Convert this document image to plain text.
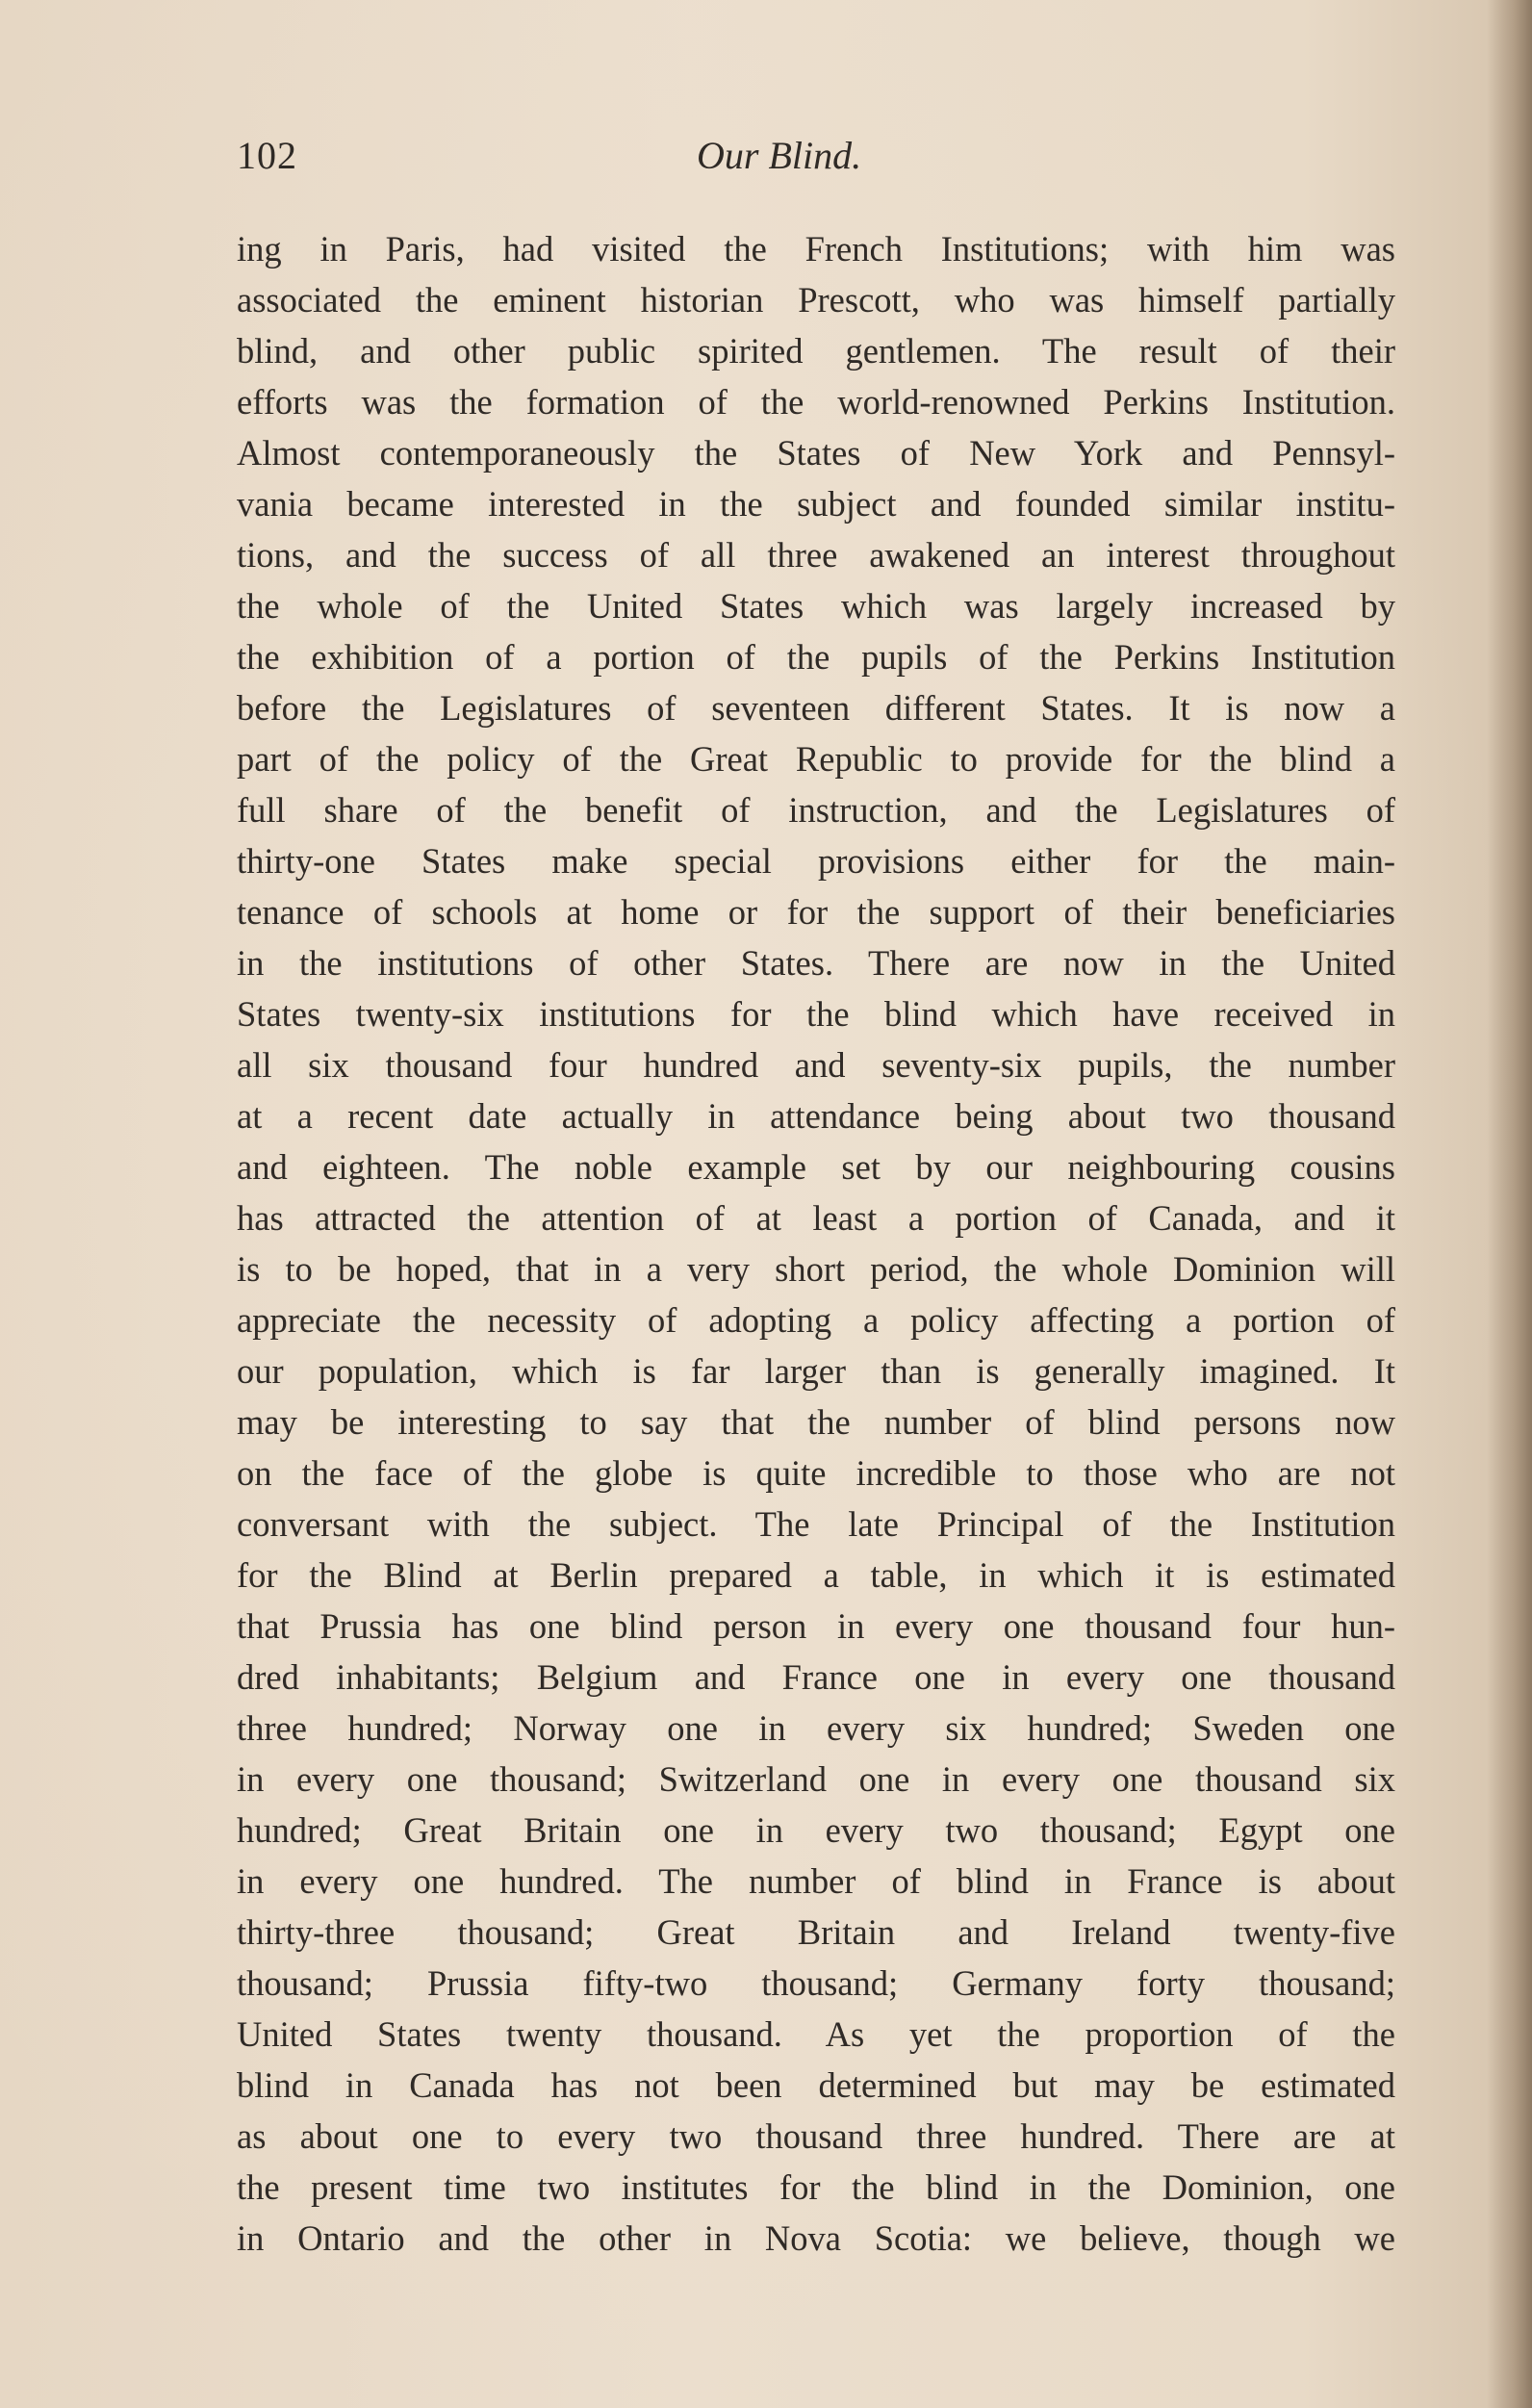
102	Our Blind.
ing in Paris, had visited the French Institutions; with him was
associated the eminent historian Prescott, who was himself partially
blind, and other public spirited gentlemen. The result of their
efforts was the formation of the world-renowned Perkins Institution.
Almost contemporaneously the States of New York and Pennsyl-
vania became interested in the subject and founded similar institu-
tions, and the success of all three awakened an interest throughout
the whole of the United States which was largely increased by
the exhibition of a portion of the pupils of the Perkins Institution
before the Legislatures of seventeen different States. It is now a
part of the policy of the Great Republic to provide for the blind a
full share of the benefit of instruction, and the Legislatures of
thirty-one States make special provisions either for the main-
tenance of schools at home or for the support of their beneficiaries
in the institutions of other States. There are now in the United
States twenty-six institutions for the blind which have received in
all six thousand four hundred and seventy-six pupils, the number
at a recent date actually in attendance being about two thousand
and eighteen. The noble example set by our neighbouring cousins
has attracted the attention of at least a portion of Canada, and it
is to be hoped, that in a very short period, the whole Dominion will
appreciate the necessity of adopting a policy affecting a portion of
our population, which is far larger than is generally imagined. It
may be interesting to say that the number of blind persons now
on the face of the globe is quite incredible to those who are not
conversant with the subject. The late Principal of the Institution
for the Blind at Berlin prepared a table, in which it is estimated
that Prussia has one blind person in every one thousand four hun-
dred inhabitants; Belgium and France one in every one thousand
three hundred; Norway one in every six hundred; Sweden one
in every one thousand; Switzerland one in every one thousand six
hundred; Great Britain one in every two thousand; Egypt one
in every one hundred. The number of blind in France is about
thirty-three thousand; Great Britain and Ireland twenty-five
thousand; Prussia fifty-two thousand; Germany forty thousand;
United States twenty thousand. As yet the proportion of the
blind in Canada has not been determined but may be estimated
as about one to every two thousand three hundred. There are at
the present time two institutes for the blind in the Dominion, one
in Ontario and the other in Nova Scotia: we believe, though we
